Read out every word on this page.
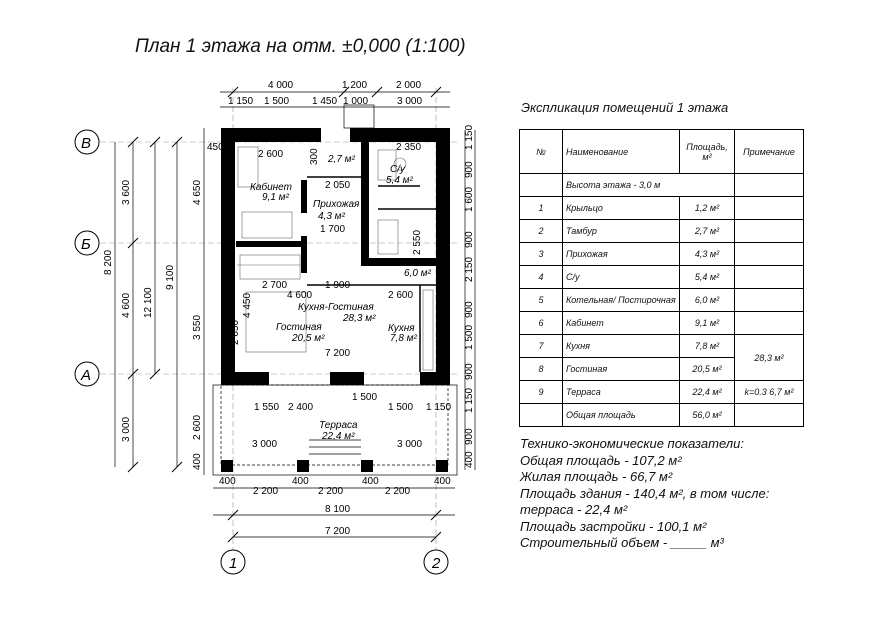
План 1 этажа на отм. ±0,000 (1:100)
В
Б
А
1	2
Кабинет
9,1 м²
Прихожая
4,3 м²
С/у
5,4 м²
2,7 м²
Котельная
6,0 м²
Кухня-Гостиная
28,3 м²
Гостиная
20,5 м²
Кухня
7,8 м²
Терраса
22,4 м²
4 000	1 200	2 000
1 150 1 500 1 450 1 000	3 000
400
2 200
400
2 200
400
2 200
400
8 100
7 200
3 600
4 600
3 000
8 200
12 100
9 100
4 650
3 550
2 600
400
1 150
900
1 600
900
2 150
900
1 500
900
1 150
900
400
2 600
2 050
2 350
2 700	1 900
2 600
4 600
7 200
3 500
2 550
1 550 2 400
1 500
1 500 1 150
3 000	3 000
1 700
300
450
4 450
2 650
Экспликация помещений 1 этажа
№	Наименование	Площадь, м²	Примечание
	Высота этажа - 3,0 м		
1	Крыльцо	1,2 м²	
2	Тамбур	2,7 м²	
3	Прихожая	4,3 м²	
4	С/у	5,4 м²	
5	Котельная/ Постирочная	6,0 м²	
6	Кабинет	9,1 м²	
7	Кухня	7,8 м²	28,3 м²
8	Гостиная	20,5 м²	
9	Терраса	22,4 м²	k=0.3 6,7 м²
	Общая площадь	56,0 м²	
Технико-экономические показатели:
Общая площадь - 107,2 м²
Жилая площадь - 66,7 м²
Площадь здания - 140,4 м², в том числе:
терраса - 22,4 м²
Площадь застройки - 100,1 м²
Строительный объем - _____ м³
